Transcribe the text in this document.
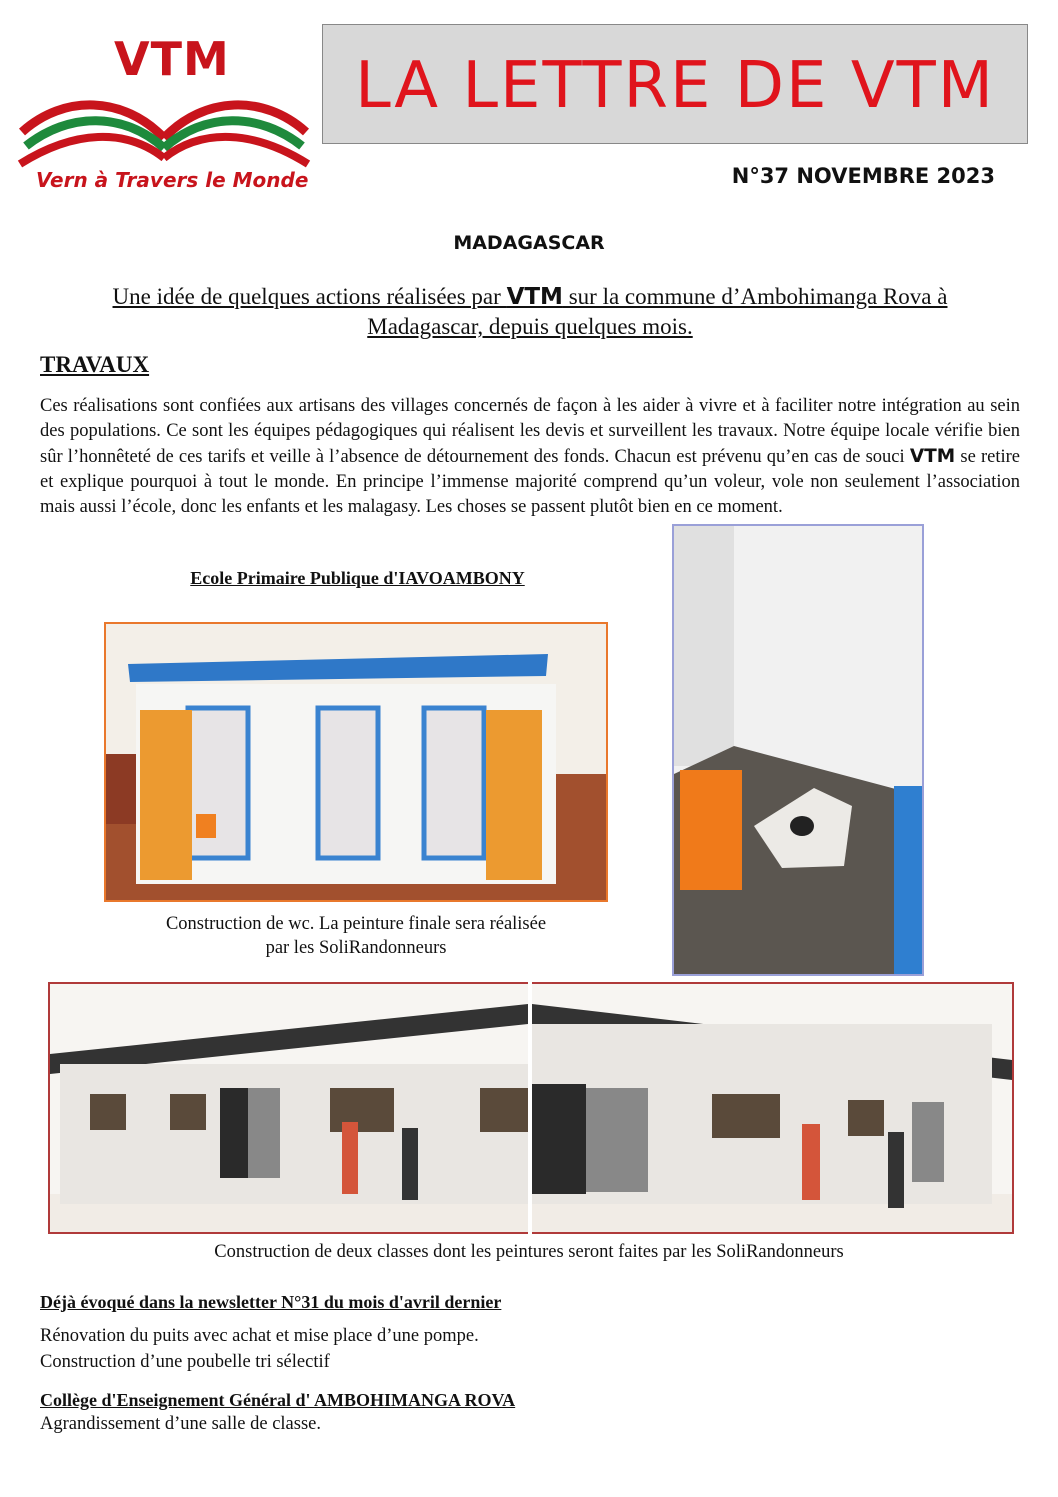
VTM
Vern à Travers le Monde
LA LETTRE DE VTM
N°37 NOVEMBRE 2023
MADAGASCAR
Une idée de quelques actions réalisées par VTM sur la commune d’Ambohimanga Rova à Madagascar, depuis quelques mois.
TRAVAUX
Ces réalisations sont confiées aux artisans des villages concernés de façon à les aider à vivre et à faciliter notre intégration au sein des populations. Ce sont les équipes pédagogiques qui réalisent les devis et surveillent les travaux. Notre équipe locale vérifie bien sûr l’honnêteté de ces tarifs et veille à l’absence de détournement des fonds. Chacun est prévenu qu’en cas de souci VTM se retire et explique pourquoi à tout le monde. En principe l’immense majorité comprend qu’un voleur, vole non seulement l’association mais aussi l’école, donc les enfants et les malagasy. Les choses se passent plutôt bien en ce moment.
Ecole Primaire Publique d'IAVOAMBONY
Construction de wc. La peinture finale sera réalisée
par les SoliRandonneurs
Construction de deux classes dont les peintures seront faites par les SoliRandonneurs
Déjà évoqué dans la newsletter N°31 du mois d'avril dernier
Rénovation du puits avec achat et mise place d’une pompe.
Construction d’une poubelle tri sélectif
Collège d'Enseignement Général d' AMBOHIMANGA ROVA
Agrandissement d’une salle de classe.
